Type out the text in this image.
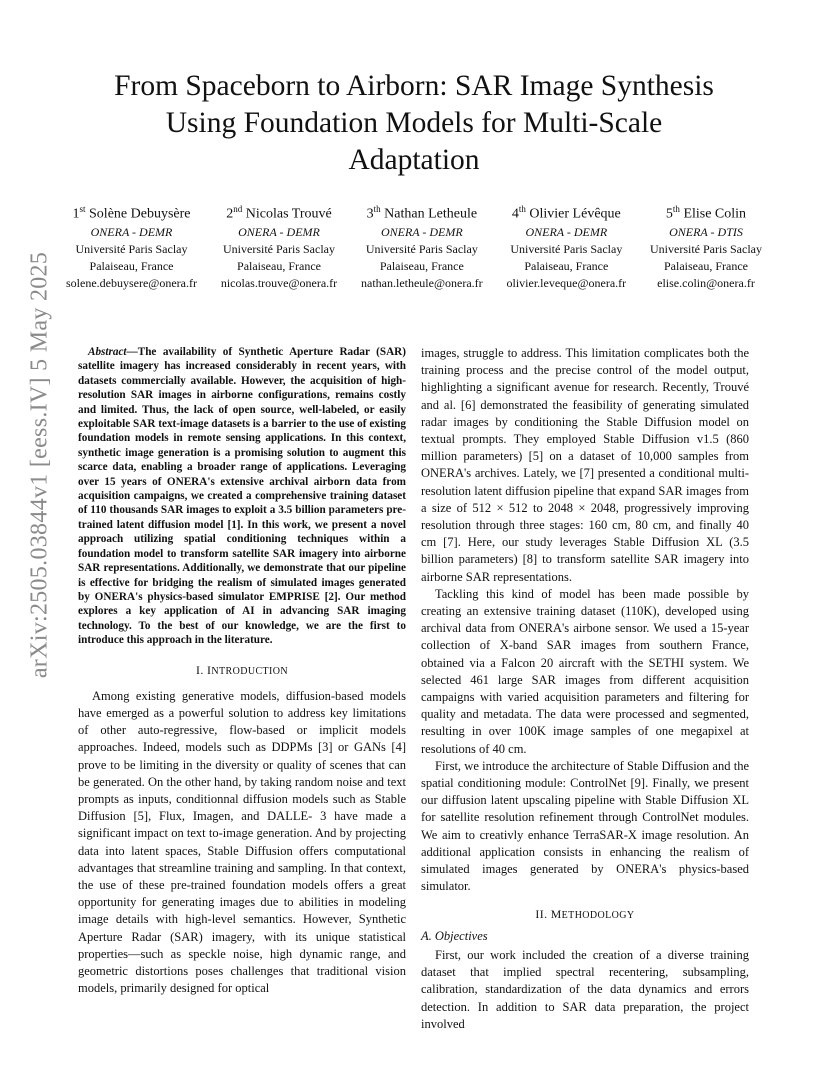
arXiv:2505.03844v1 [eess.IV] 5 May 2025
From Spaceborn to Airborn: SAR Image Synthesis
Using Foundation Models for Multi-Scale
Adaptation
1st Solène Debuysère
ONERA - DEMR
Université Paris Saclay
Palaiseau, France
solene.debuysere@onera.fr
2nd Nicolas Trouvé
ONERA - DEMR
Université Paris Saclay
Palaiseau, France
nicolas.trouve@onera.fr
3th Nathan Letheule
ONERA - DEMR
Université Paris Saclay
Palaiseau, France
nathan.letheule@onera.fr
4th Olivier Lévêque
ONERA - DEMR
Université Paris Saclay
Palaiseau, France
olivier.leveque@onera.fr
5th Elise Colin
ONERA - DTIS
Université Paris Saclay
Palaiseau, France
elise.colin@onera.fr

Abstract—The availability of Synthetic Aperture Radar (SAR) satellite imagery has increased considerably in recent years, with datasets commercially available. However, the acquisition of high-resolution SAR images in airborne configurations, remains costly and limited. Thus, the lack of open source, well-labeled, or easily exploitable SAR text-image datasets is a barrier to the use of existing foundation models in remote sensing applications. In this context, synthetic image generation is a promising solution to augment this scarce data, enabling a broader range of applications. Leveraging over 15 years of ONERA's extensive archival airborn data from acquisition campaigns, we created a comprehensive training dataset of 110 thousands SAR images to exploit a 3.5 billion parameters pre-trained latent diffusion model [1]. In this work, we present a novel approach utilizing spatial conditioning techniques within a foundation model to transform satellite SAR imagery into airborne SAR representations. Additionally, we demonstrate that our pipeline is effective for bridging the realism of simulated images generated by ONERA's physics-based simulator EMPRISE [2]. Our method explores a key application of AI in advancing SAR imaging technology. To the best of our knowledge, we are the first to introduce this approach in the literature.

I. INTRODUCTION

Among existing generative models, diffusion-based models have emerged as a powerful solution to address key limitations of other auto-regressive, flow-based or implicit models approaches. Indeed, models such as DDPMs [3] or GANs [4] prove to be limiting in the diversity or quality of scenes that can be generated. On the other hand, by taking random noise and text prompts as inputs, conditionnal diffusion models such as Stable Diffusion [5], Flux, Imagen, and DALLE- 3 have made a significant impact on text to-image generation. And by projecting data into latent spaces, Stable Diffusion offers computational advantages that streamline training and sampling. In that context, the use of these pre-trained foundation models offers a great opportunity for generating images due to abilities in modeling image details with high-level semantics. However, Synthetic Aperture Radar (SAR) imagery, with its unique statistical properties—such as speckle noise, high dynamic range, and geometric distortions poses challenges that traditional vision models, primarily designed for optical

images, struggle to address. This limitation complicates both the training process and the precise control of the model output, highlighting a significant avenue for research. Recently, Trouvé and al. [6] demonstrated the feasibility of generating simulated radar images by conditioning the Stable Diffusion model on textual prompts. They employed Stable Diffusion v1.5 (860 million parameters) [5] on a dataset of 10,000 samples from ONERA's archives. Lately, we [7] presented a conditional multi-resolution latent diffusion pipeline that expand SAR images from a size of 512 × 512 to 2048 × 2048, progressively improving resolution through three stages: 160 cm, 80 cm, and finally 40 cm [7]. Here, our study leverages Stable Diffusion XL (3.5 billion parameters) [8] to transform satellite SAR imagery into airborne SAR representations.

Tackling this kind of model has been made possible by creating an extensive training dataset (110K), developed using archival data from ONERA's airbone sensor. We used a 15-year collection of X-band SAR images from southern France, obtained via a Falcon 20 aircraft with the SETHI system. We selected 461 large SAR images from different acquisition campaigns with varied acquisition parameters and filtering for quality and metadata. The data were processed and segmented, resulting in over 100K image samples of one megapixel at resolutions of 40 cm.

First, we introduce the architecture of Stable Diffusion and the spatial conditioning module: ControlNet [9]. Finally, we present our diffusion latent upscaling pipeline with Stable Diffusion XL for satellite resolution refinement through ControlNet modules. We aim to creativly enhance TerraSAR-X image resolution. An additional application consists in enhancing the realism of simulated images generated by ONERA's physics-based simulator.

II. METHODOLOGY
A. Objectives

First, our work included the creation of a diverse training dataset that implied spectral recentering, subsampling, calibration, standardization of the data dynamics and errors detection. In addition to SAR data preparation, the project involved
